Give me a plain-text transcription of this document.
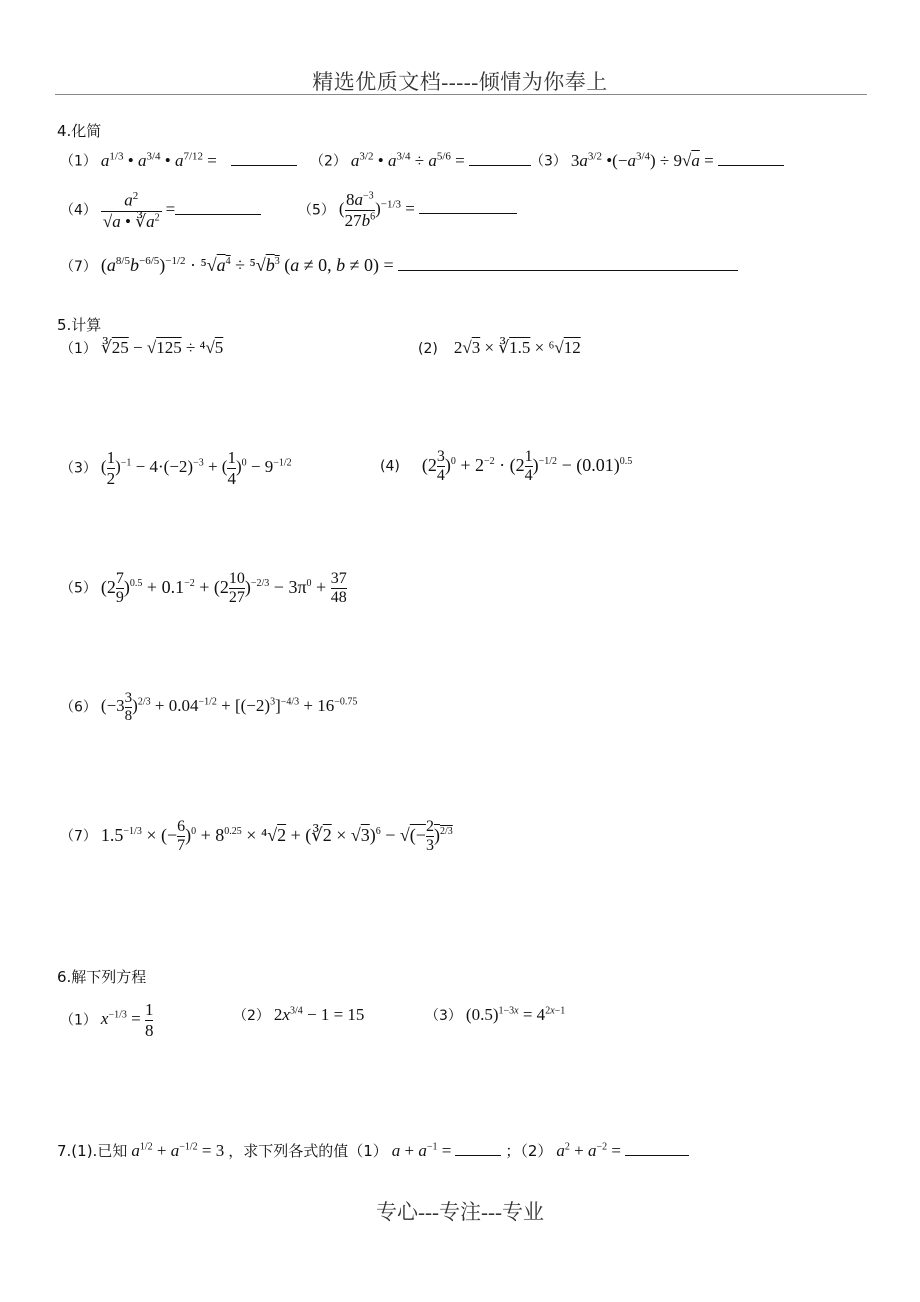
精选优质文档-----倾情为你奉上
4.化简
（1） $a^{1/3}$ • $a^{3/4}$ • $a^{7/12}$ =	（2） $a^{3/2}$ • $a^{3/4} \div a^{5/6}$ =	（3） $3a^{3/2}$ $•(-a^{3/4}) \div 9√a$ =
$(4) \frac{a^2}{√a • ∛a^2}$ =	（5） ( $\frac{8a^{-3}}{27b^6} )^{-1/3}$ =
（7） $(a^{8/5}b^{-6/5})^{-1/2} \cdot ^5√a^4 \div ^5√b^3$ (a ≠ 0, b ≠ 0) =
5.计算
（1） ∛25 − √125 ÷ ⁴√5	(2) 2√3 × ∛1.5 × ⁶√12
（3） ( $\frac{1}{2} )^{-1} - 4\cdot(-2)^{-3}$ + ( $\frac{1}{4} )^0 - 9^{-1/2}$	(4) $(2 \frac{3}{4} )^0 + 2^{-2} \cdot (2 \frac{1}{4} )^{-1/2} - (0.01)^{0.5}$
（5） $(2 \frac{7}{9} )^{0.5} + 0.1^{-2} + (2 \frac{10}{27} )^{-2/3} - 3\pi^0 + \frac{37}{48}$
（6） $(-3 \frac{3}{8} )^{2/3} + 0.04^{-1/2} + [(-2)^3]^{-4/3} + 16^{-0.75}$
（7） $1.5^{-1/3}$ × (− $\frac{6}{7} )^0 + 8^{0.25} \times ^4√2$ + (∛2 × √3)$^6$ − √(− $\frac{2}{3} )^{2/3}$
6.解下列方程
（1） $x^{-1/3} = \frac{1}{8}$	（2） $2x^{3/4} - 1 = 15$	（3） $(0.5)^{1-3x} = 4^{2x-1}$
7.(1).已知 $a^{1/2} + a^{-1/2} = 3$ ，求下列各式的值（1） $a + a^{-1}$ =	；（2） $a^2 + a^{-2}$ =
专心---专注---专业
